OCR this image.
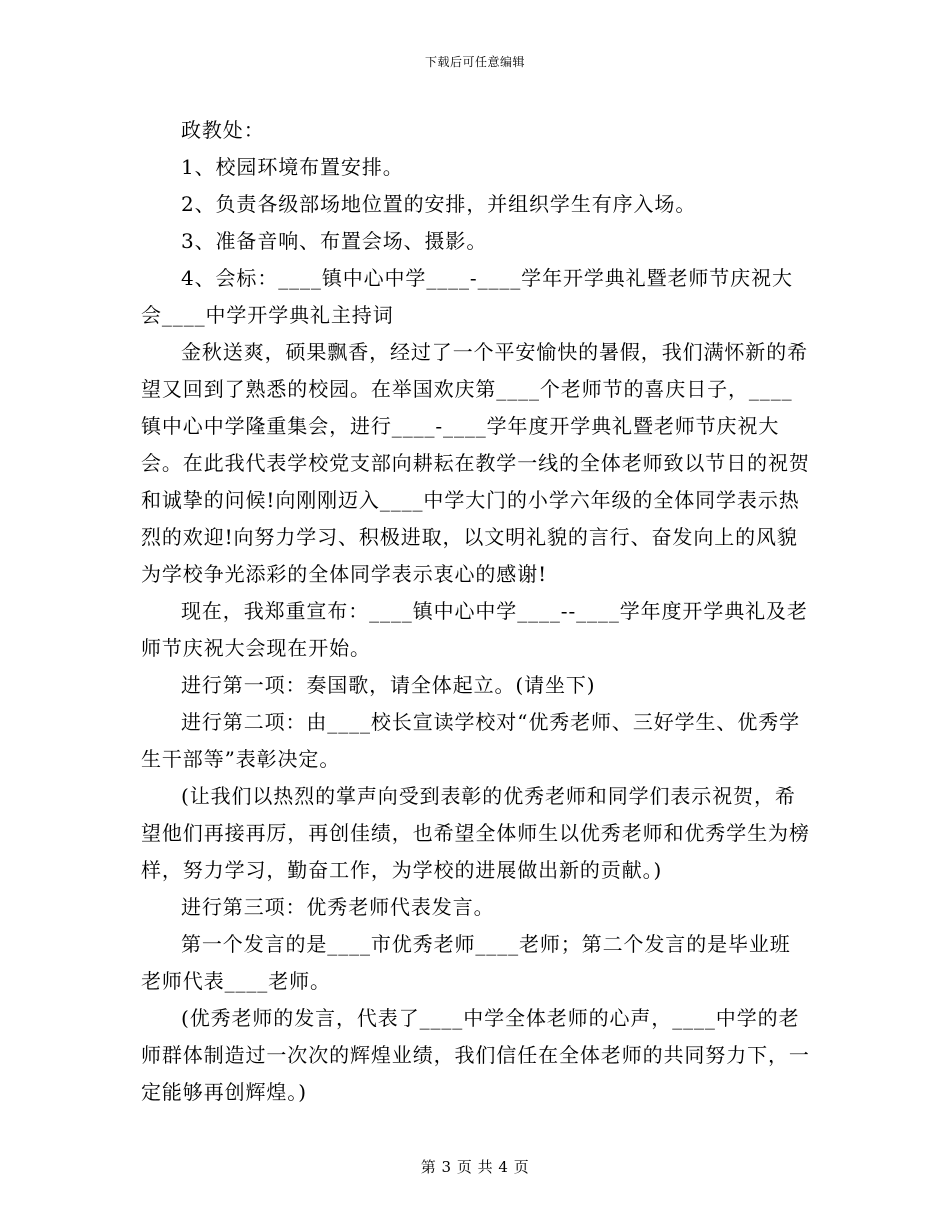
下载后可任意编辑

政教处：

1、校园环境布置安排。

2、负责各级部场地位置的安排，并组织学生有序入场。

3、准备音响、布置会场、摄影。

4、会标：____镇中心中学____-____学年开学典礼暨老师节庆祝大会____中学开学典礼主持词

金秋送爽，硕果飘香，经过了一个平安愉快的暑假，我们满怀新的希望又回到了熟悉的校园。在举国欢庆第____个老师节的喜庆日子，____镇中心中学隆重集会，进行____-____学年度开学典礼暨老师节庆祝大会。在此我代表学校党支部向耕耘在教学一线的全体老师致以节日的祝贺和诚挚的问候!向刚刚迈入____中学大门的小学六年级的全体同学表示热烈的欢迎!向努力学习、积极进取，以文明礼貌的言行、奋发向上的风貌为学校争光添彩的全体同学表示衷心的感谢!

现在，我郑重宣布：____镇中心中学____--____学年度开学典礼及老师节庆祝大会现在开始。

进行第一项：奏国歌，请全体起立。(请坐下)

进行第二项：由____校长宣读学校对“优秀老师、三好学生、优秀学生干部等”表彰决定。

(让我们以热烈的掌声向受到表彰的优秀老师和同学们表示祝贺，希望他们再接再厉，再创佳绩，也希望全体师生以优秀老师和优秀学生为榜样，努力学习，勤奋工作，为学校的进展做出新的贡献。)

进行第三项：优秀老师代表发言。

第一个发言的是____市优秀老师____老师；第二个发言的是毕业班老师代表____老师。

(优秀老师的发言，代表了____中学全体老师的心声，____中学的老师群体制造过一次次的辉煌业绩，我们信任在全体老师的共同努力下，一定能够再创辉煌。)

第 3 页 共 4 页
